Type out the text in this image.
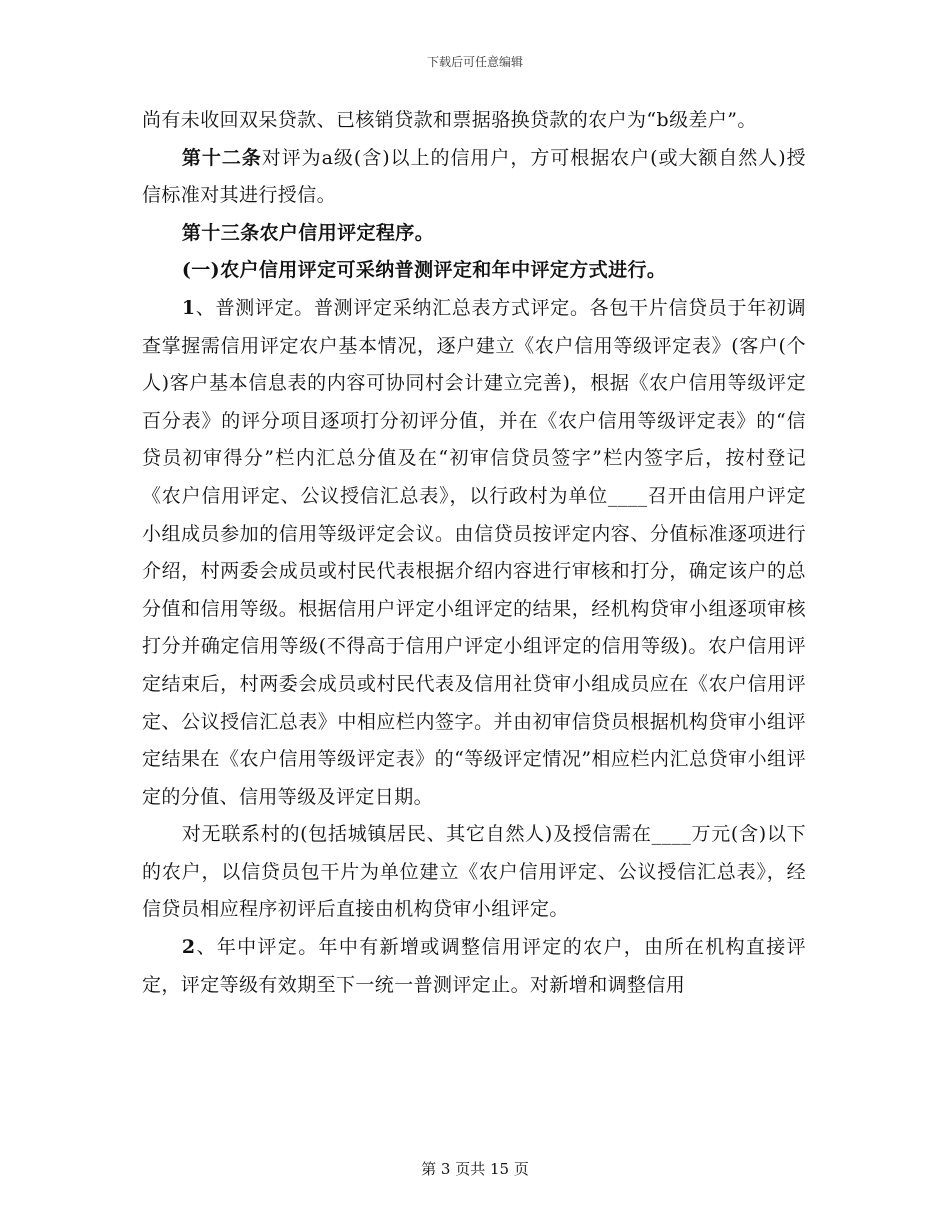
下载后可任意编辑

尚有未收回双呆贷款、已核销贷款和票据骆换贷款的农户为“b级差户”。

第十二条对评为a级(含)以上的信用户，方可根据农户(或大额自然人)授信标准对其进行授信。

第十三条农户信用评定程序。

(一)农户信用评定可采纳普测评定和年中评定方式进行。

1、普测评定。普测评定采纳汇总表方式评定。各包干片信贷员于年初调查掌握需信用评定农户基本情况，逐户建立《农户信用等级评定表》(客户(个人)客户基本信息表的内容可协同村会计建立完善)，根据《农户信用等级评定百分表》的评分项目逐项打分初评分值，并在《农户信用等级评定表》的“信贷员初审得分”栏内汇总分值及在“初审信贷员签字”栏内签字后，按村登记《农户信用评定、公议授信汇总表》，以行政村为单位____召开由信用户评定小组成员参加的信用等级评定会议。由信贷员按评定内容、分值标准逐项进行介绍，村两委会成员或村民代表根据介绍内容进行审核和打分，确定该户的总分值和信用等级。根据信用户评定小组评定的结果，经机构贷审小组逐项审核打分并确定信用等级(不得高于信用户评定小组评定的信用等级)。农户信用评定结束后，村两委会成员或村民代表及信用社贷审小组成员应在《农户信用评定、公议授信汇总表》中相应栏内签字。并由初审信贷员根据机构贷审小组评定结果在《农户信用等级评定表》的“等级评定情况”相应栏内汇总贷审小组评定的分值、信用等级及评定日期。

对无联系村的(包括城镇居民、其它自然人)及授信需在____万元(含)以下的农户，以信贷员包干片为单位建立《农户信用评定、公议授信汇总表》，经信贷员相应程序初评后直接由机构贷审小组评定。

2、年中评定。年中有新增或调整信用评定的农户，由所在机构直接评定，评定等级有效期至下一统一普测评定止。对新增和调整信用

第 3 页共 15 页
